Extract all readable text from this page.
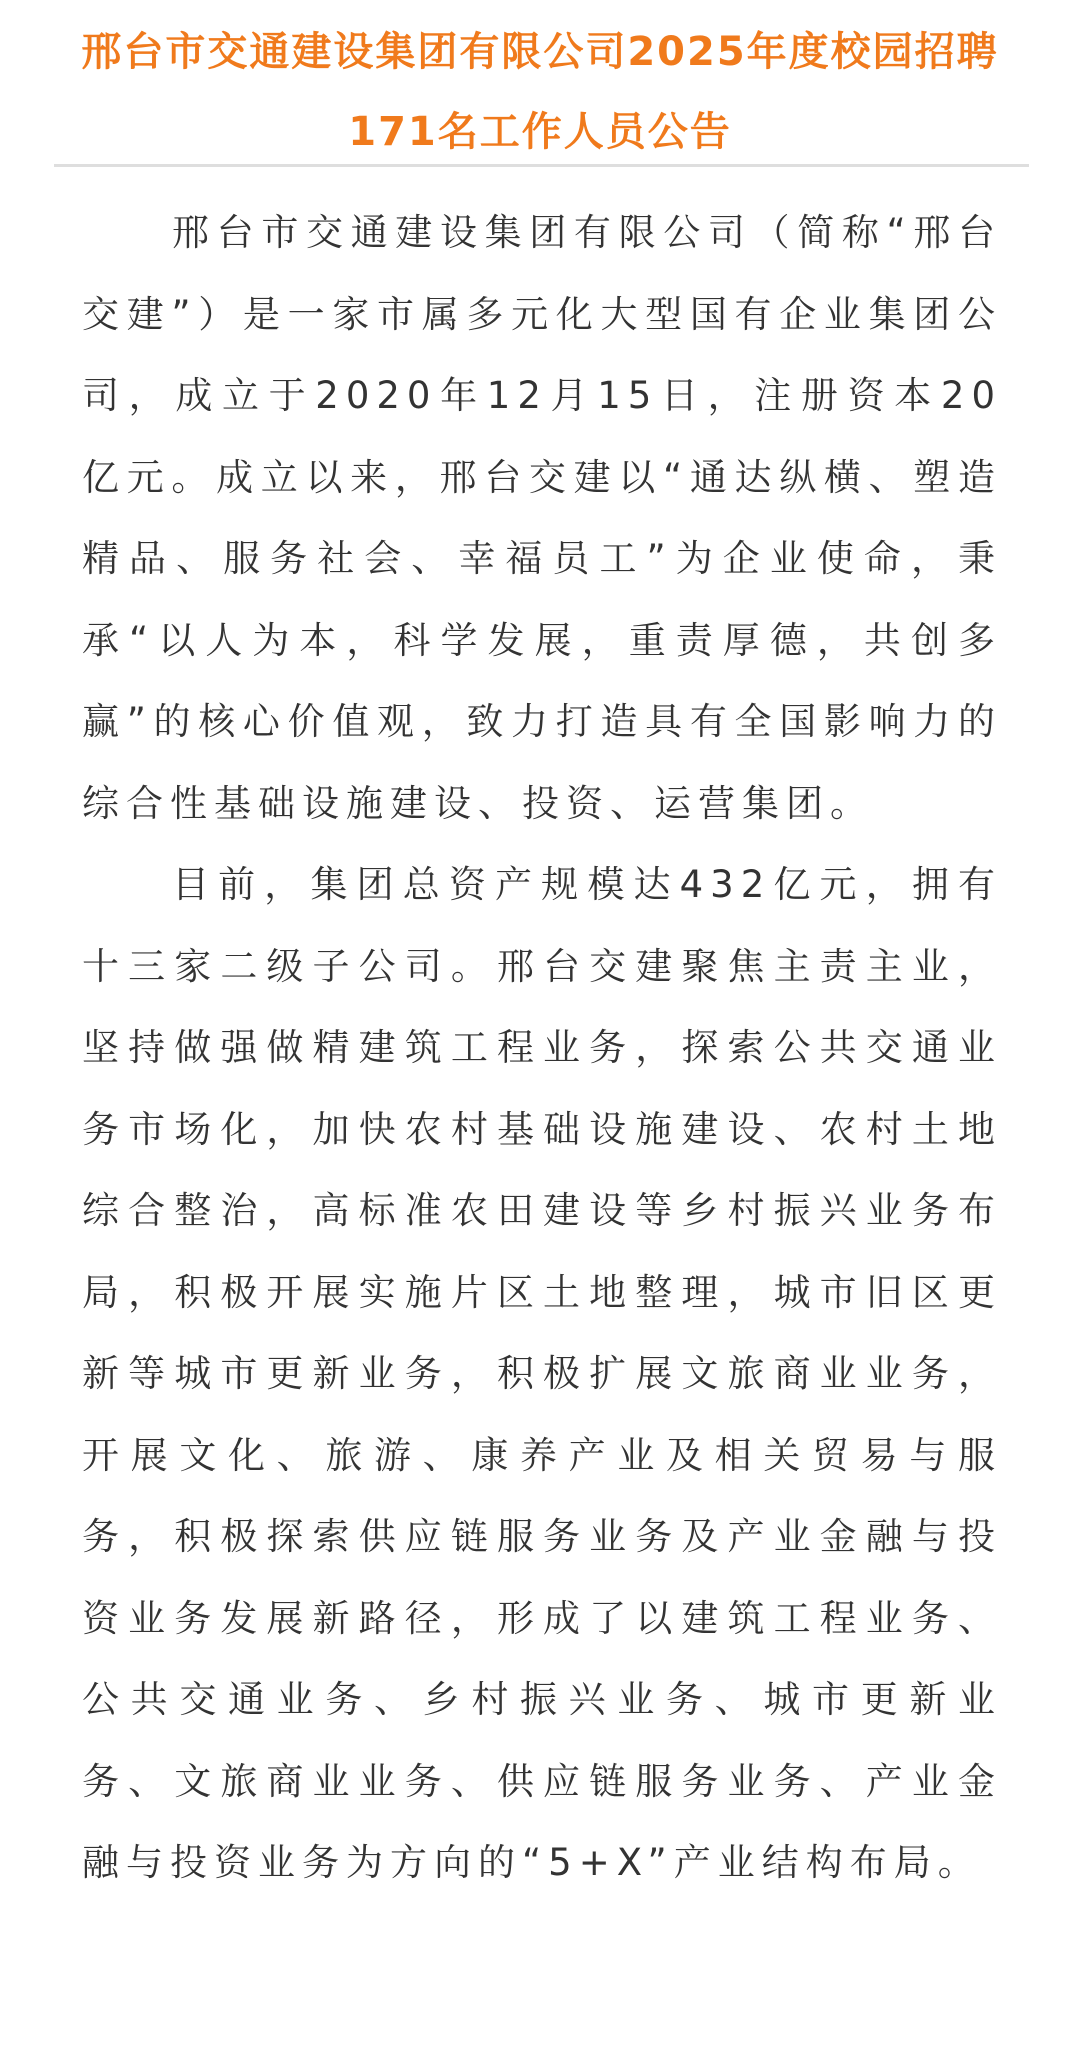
邢台市交通建设集团有限公司2025年度校园招聘171名工作人员公告

邢台市交通建设集团有限公司（简称“邢台交建”）是一家市属多元化大型国有企业集团公司，成立于2020年12月15日，注册资本20亿元。成立以来，邢台交建以“通达纵横、塑造精品、服务社会、幸福员工”为企业使命，秉承“以人为本，科学发展，重责厚德，共创多赢”的核心价值观，致力打造具有全国影响力的综合性基础设施建设、投资、运营集团。

目前，集团总资产规模达432亿元，拥有十三家二级子公司。邢台交建聚焦主责主业，坚持做强做精建筑工程业务，探索公共交通业务市场化，加快农村基础设施建设、农村土地综合整治，高标准农田建设等乡村振兴业务布局，积极开展实施片区土地整理，城市旧区更新等城市更新业务，积极扩展文旅商业业务，开展文化、旅游、康养产业及相关贸易与服务，积极探索供应链服务业务及产业金融与投资业务发展新路径，形成了以建筑工程业务、公共交通业务、乡村振兴业务、城市更新业务、文旅商业业务、供应链服务业务、产业金融与投资业务为方向的“5+X”产业结构布局。
